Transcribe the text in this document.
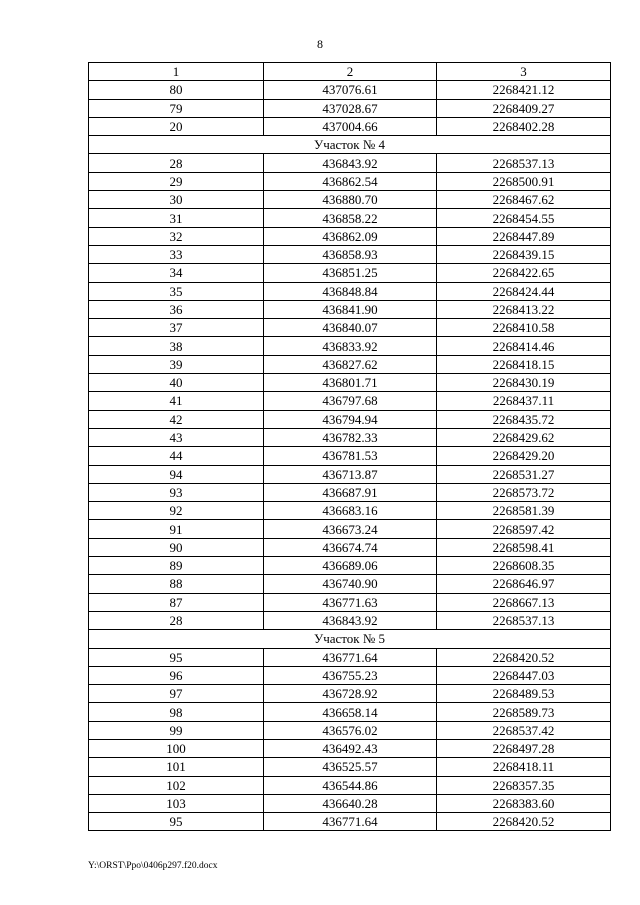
8
1	2	3
80	437076.61	2268421.12
79	437028.67	2268409.27
20	437004.66	2268402.28
Участок № 4		
28	436843.92	2268537.13
29	436862.54	2268500.91
30	436880.70	2268467.62
31	436858.22	2268454.55
32	436862.09	2268447.89
33	436858.93	2268439.15
34	436851.25	2268422.65
35	436848.84	2268424.44
36	436841.90	2268413.22
37	436840.07	2268410.58
38	436833.92	2268414.46
39	436827.62	2268418.15
40	436801.71	2268430.19
41	436797.68	2268437.11
42	436794.94	2268435.72
43	436782.33	2268429.62
44	436781.53	2268429.20
94	436713.87	2268531.27
93	436687.91	2268573.72
92	436683.16	2268581.39
91	436673.24	2268597.42
90	436674.74	2268598.41
89	436689.06	2268608.35
88	436740.90	2268646.97
87	436771.63	2268667.13
28	436843.92	2268537.13
Участок № 5		
95	436771.64	2268420.52
96	436755.23	2268447.03
97	436728.92	2268489.53
98	436658.14	2268589.73
99	436576.02	2268537.42
100	436492.43	2268497.28
101	436525.57	2268418.11
102	436544.86	2268357.35
103	436640.28	2268383.60
95	436771.64	2268420.52
Y:\ORST\Ppo\0406p297.f20.docx
